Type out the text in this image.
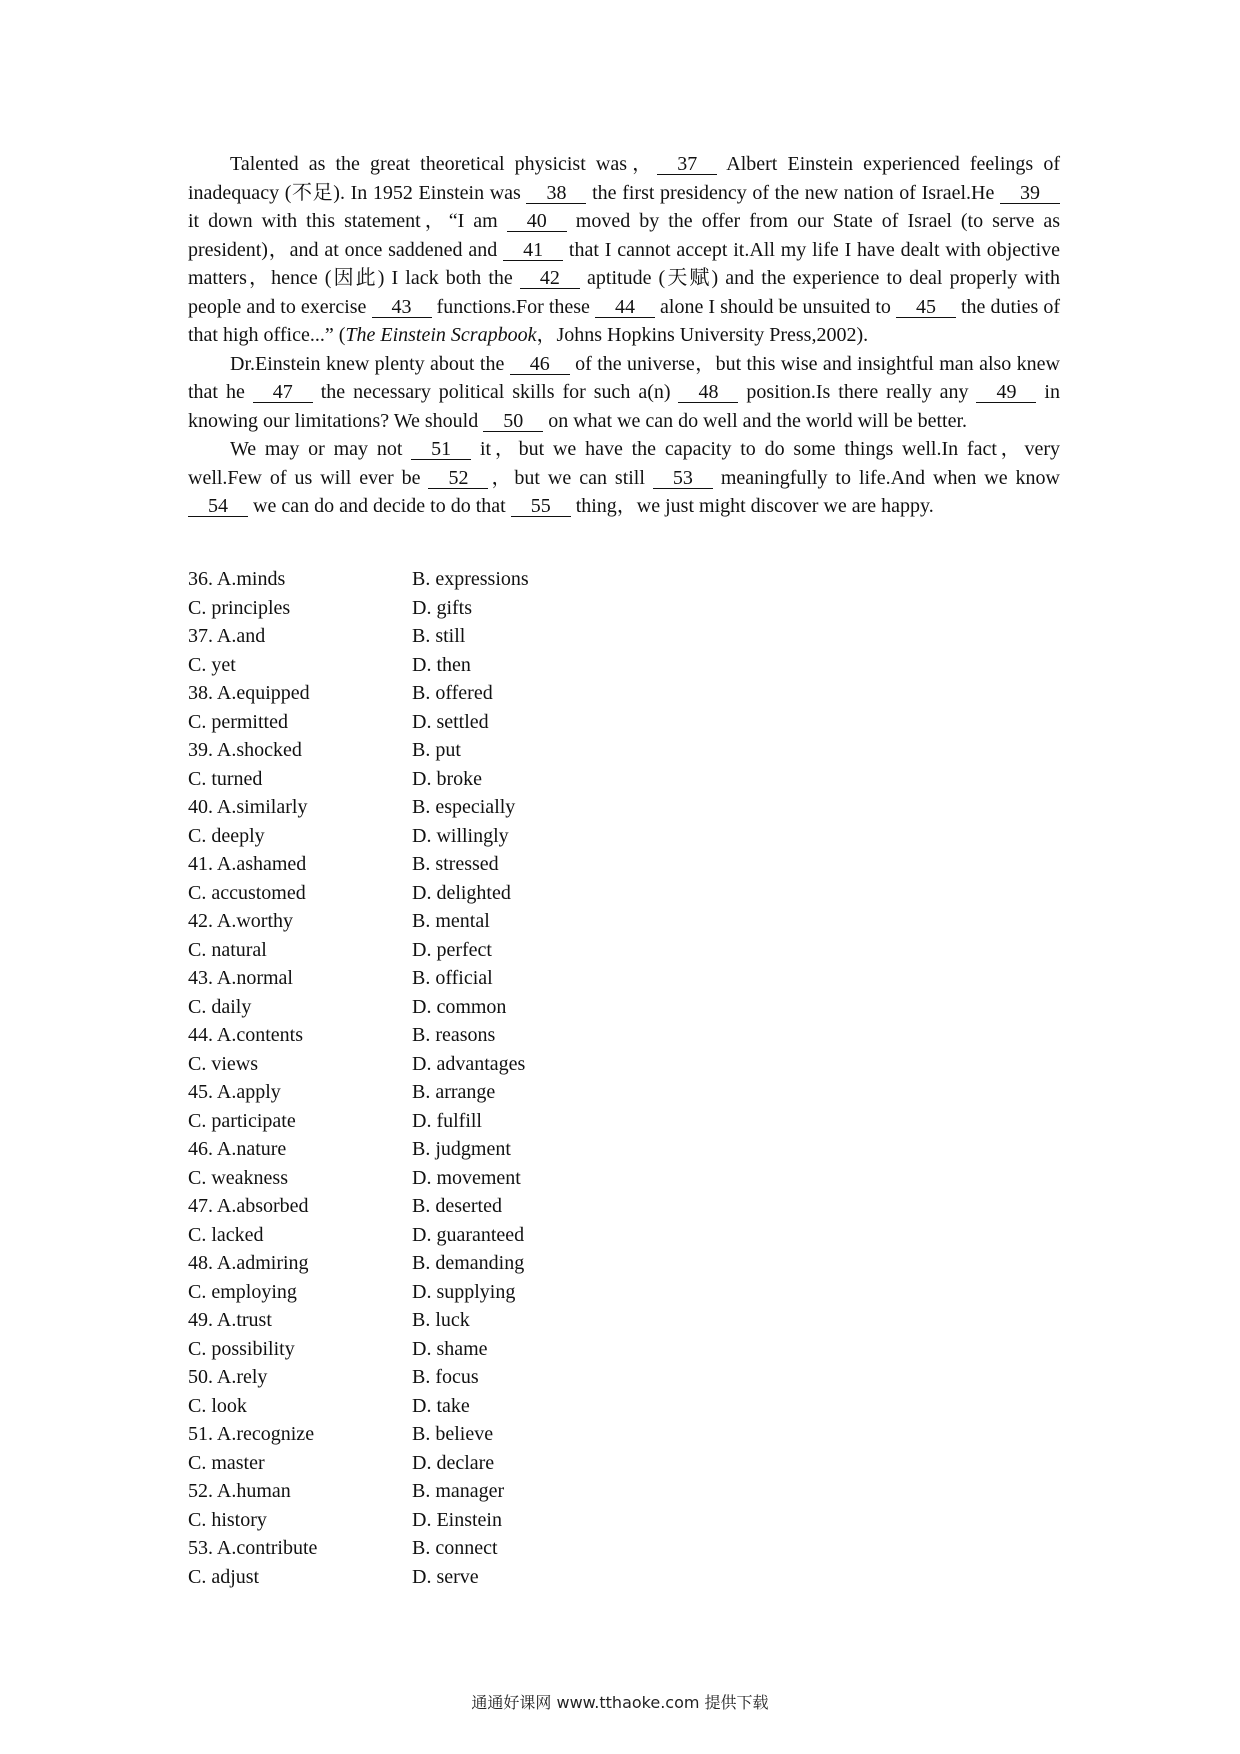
Talented as the great theoretical physicist was， 37 Albert Einstein experienced feelings of inadequacy (不足). In 1952 Einstein was 38 the first presidency of the new nation of Israel.He 39 it down with this statement，“I am 40 moved by the offer from our State of Israel (to serve as president)，and at once saddened and 41 that I cannot accept it.All my life I have dealt with objective matters，hence (因此) I lack both the 42 aptitude (天赋) and the experience to deal properly with people and to exercise 43 functions.For these 44 alone I should be unsuited to 45 the duties of that high office...” (The Einstein Scrapbook，Johns Hopkins University Press,2002).

Dr.Einstein knew plenty about the 46 of the universe，but this wise and insightful man also knew that he 47 the necessary political skills for such a(n) 48 position.Is there really any 49 in knowing our limitations? We should 50 on what we can do well and the world will be better.

We may or may not 51 it，but we have the capacity to do some things well.In fact，very well.Few of us will ever be 52 ，but we can still 53 meaningfully to life.And when we know 54 we can do and decide to do that 55 thing，we just might discover we are happy.

36. A.minds	B. expressions
C. principles	D. gifts
37. A.and	B. still
C. yet	D. then
38. A.equipped	B. offered
C. permitted	D. settled
39. A.shocked	B. put
C. turned	D. broke
40. A.similarly	B. especially
C. deeply	D. willingly
41. A.ashamed	B. stressed
C. accustomed	D. delighted
42. A.worthy	B. mental
C. natural	D. perfect
43. A.normal	B. official
C. daily	D. common
44. A.contents	B. reasons
C. views	D. advantages
45. A.apply	B. arrange
C. participate	D. fulfill
46. A.nature	B. judgment
C. weakness	D. movement
47. A.absorbed	B. deserted
C. lacked	D. guaranteed
48. A.admiring	B. demanding
C. employing	D. supplying
49. A.trust	B. luck
C. possibility	D. shame
50. A.rely	B. focus
C. look	D. take
51. A.recognize	B. believe
C. master	D. declare
52. A.human	B. manager
C. history	D. Einstein
53. A.contribute	B. connect
C. adjust	D. serve
通通好课网 www.tthaoke.com 提供下载
